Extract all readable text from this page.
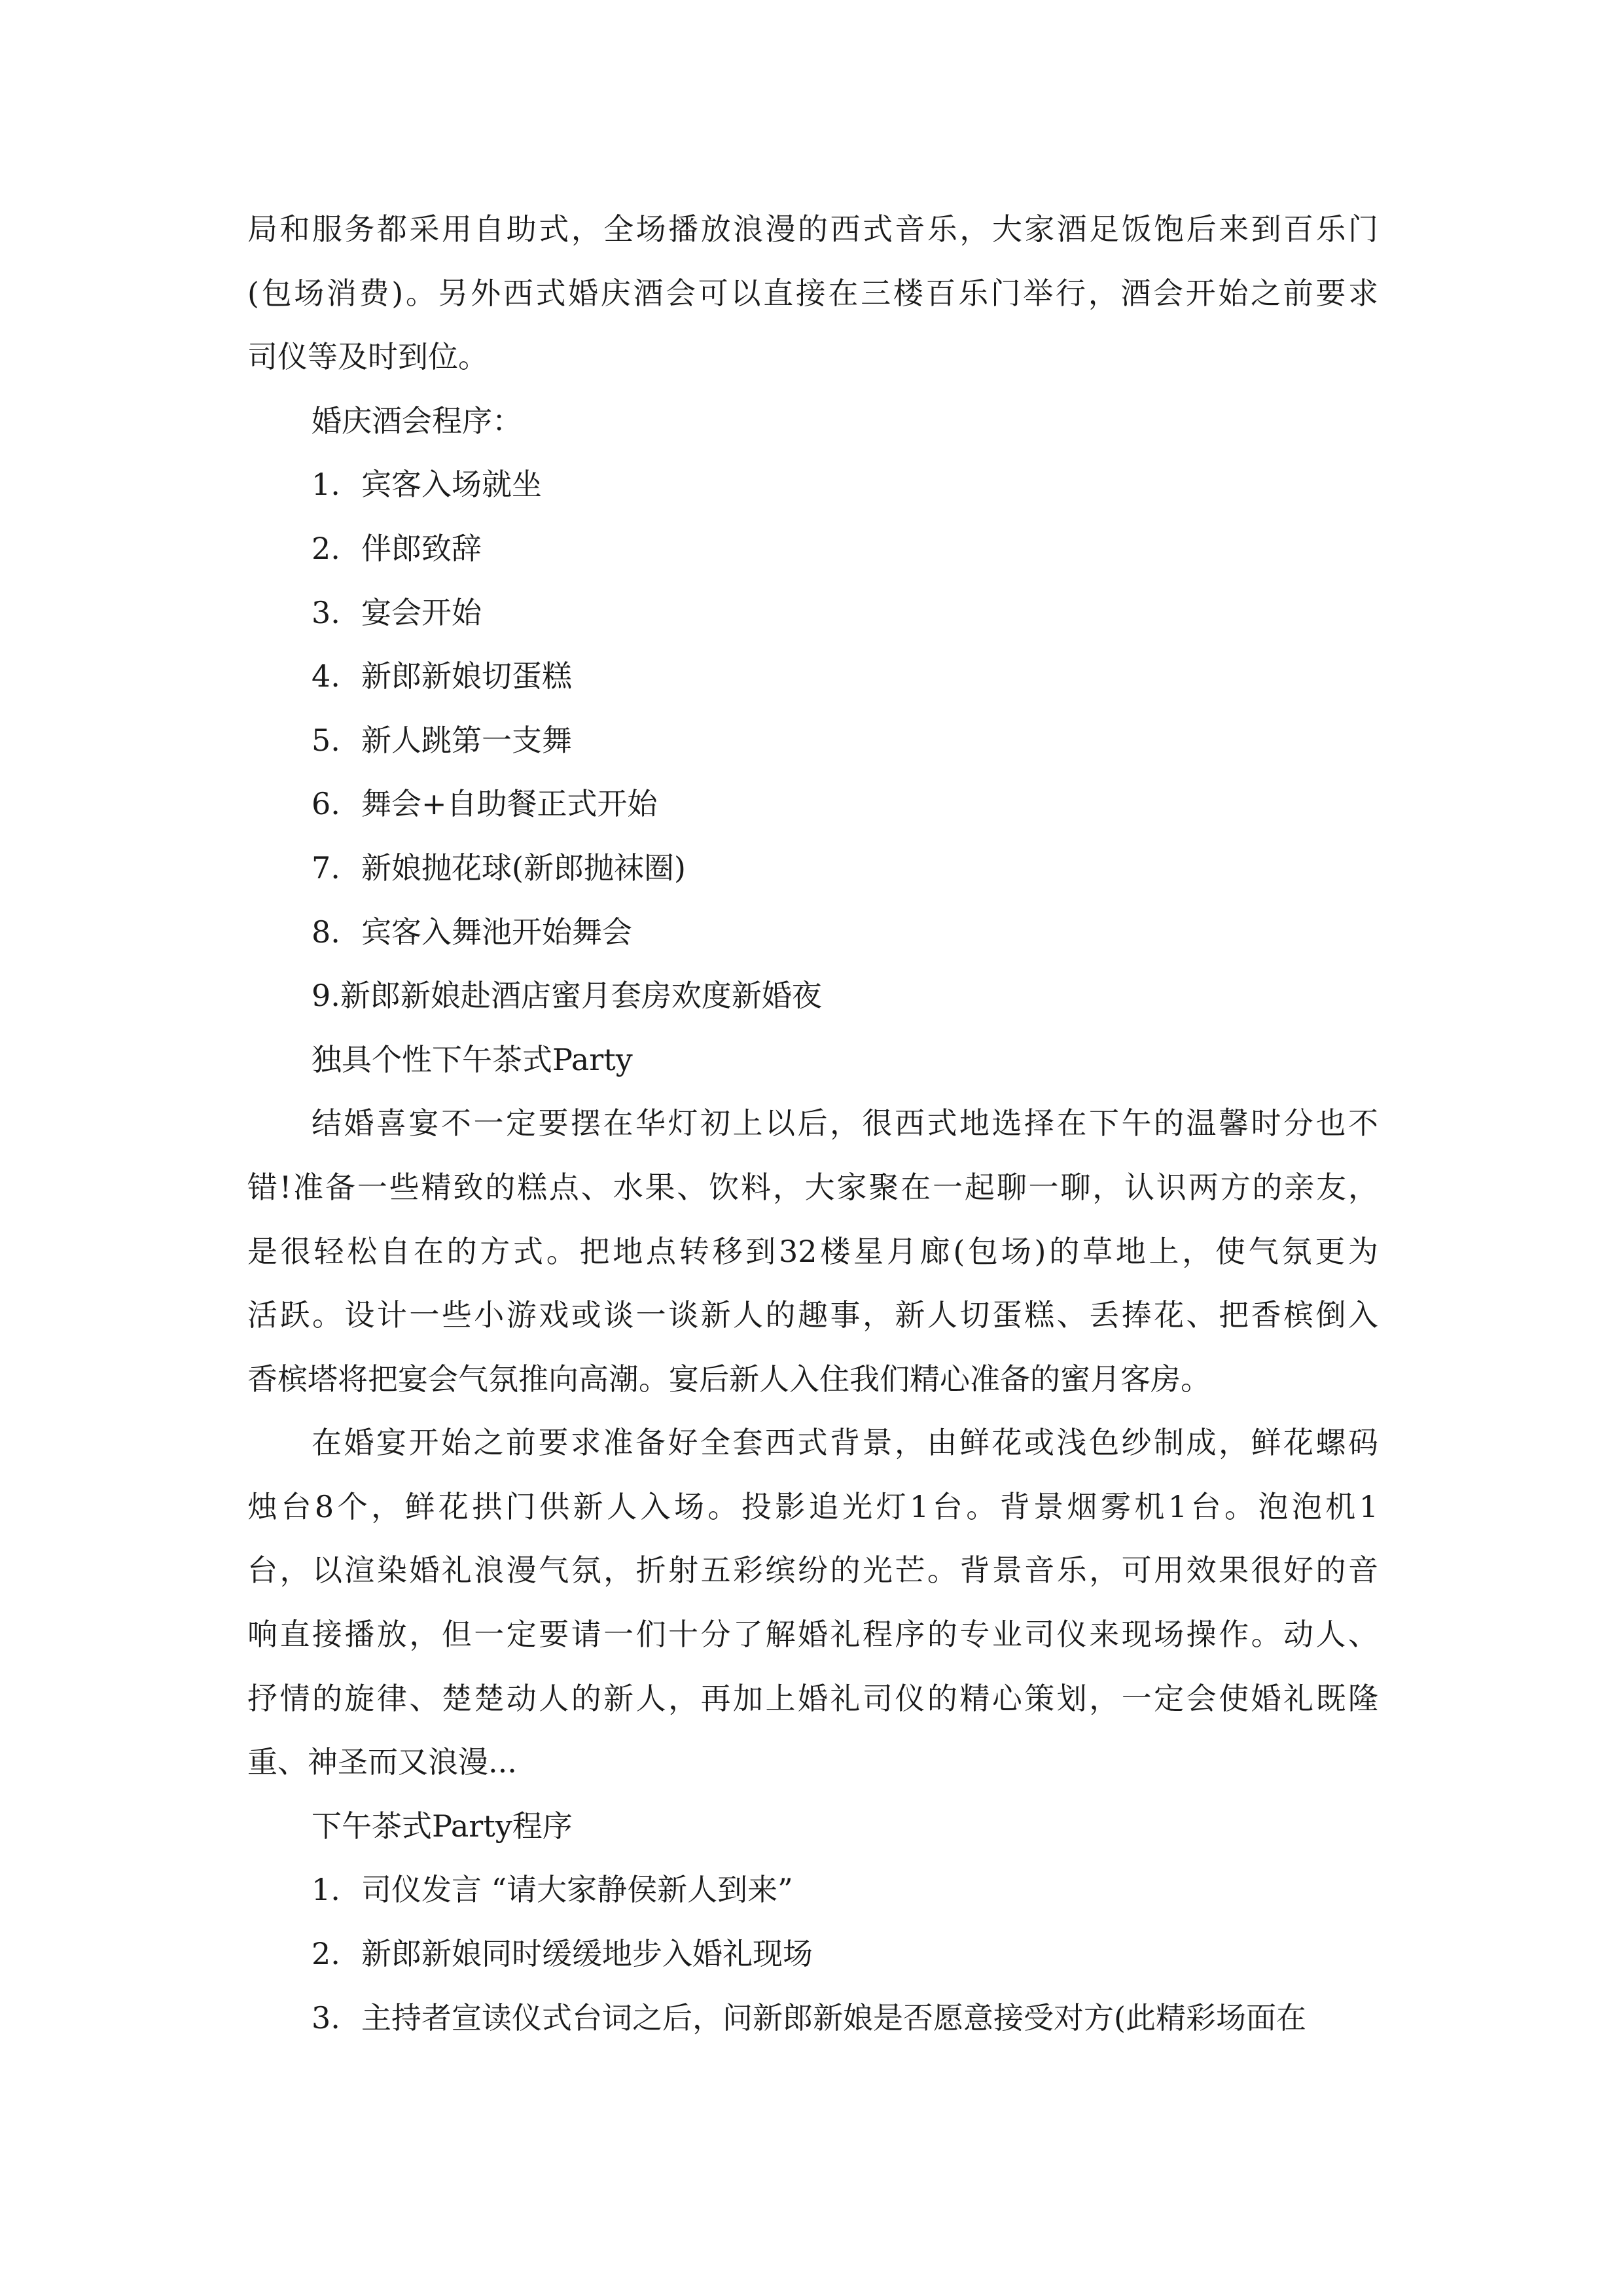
局和服务都采用自助式，全场播放浪漫的西式音乐，大家酒足饭饱后来到百乐门
(包场消费)。另外西式婚庆酒会可以直接在三楼百乐门举行，酒会开始之前要求
司仪等及时到位。
婚庆酒会程序：
1. 宾客入场就坐
2. 伴郎致辞
3. 宴会开始
4. 新郎新娘切蛋糕
5. 新人跳第一支舞
6. 舞会+自助餐正式开始
7. 新娘抛花球(新郎抛袜圈)
8. 宾客入舞池开始舞会
9.新郎新娘赴酒店蜜月套房欢度新婚夜
独具个性下午茶式Party
结婚喜宴不一定要摆在华灯初上以后，很西式地选择在下午的温馨时分也不
错!准备一些精致的糕点、水果、饮料，大家聚在一起聊一聊，认识两方的亲友，
是很轻松自在的方式。把地点转移到32楼星月廊(包场)的草地上，使气氛更为
活跃。设计一些小游戏或谈一谈新人的趣事，新人切蛋糕、丢捧花、把香槟倒入
香槟塔将把宴会气氛推向高潮。宴后新人入住我们精心准备的蜜月客房。
在婚宴开始之前要求准备好全套西式背景，由鲜花或浅色纱制成，鲜花螺码
烛台8个，鲜花拱门供新人入场。投影追光灯1台。背景烟雾机1台。泡泡机1
台，以渲染婚礼浪漫气氛，折射五彩缤纷的光芒。背景音乐，可用效果很好的音
响直接播放，但一定要请一们十分了解婚礼程序的专业司仪来现场操作。动人、
抒情的旋律、楚楚动人的新人，再加上婚礼司仪的精心策划，一定会使婚礼既隆
重、神圣而又浪漫...
下午茶式Party程序
1. 司仪发言 “请大家静侯新人到来”
2. 新郎新娘同时缓缓地步入婚礼现场
3. 主持者宣读仪式台词之后，问新郎新娘是否愿意接受对方(此精彩场面在
